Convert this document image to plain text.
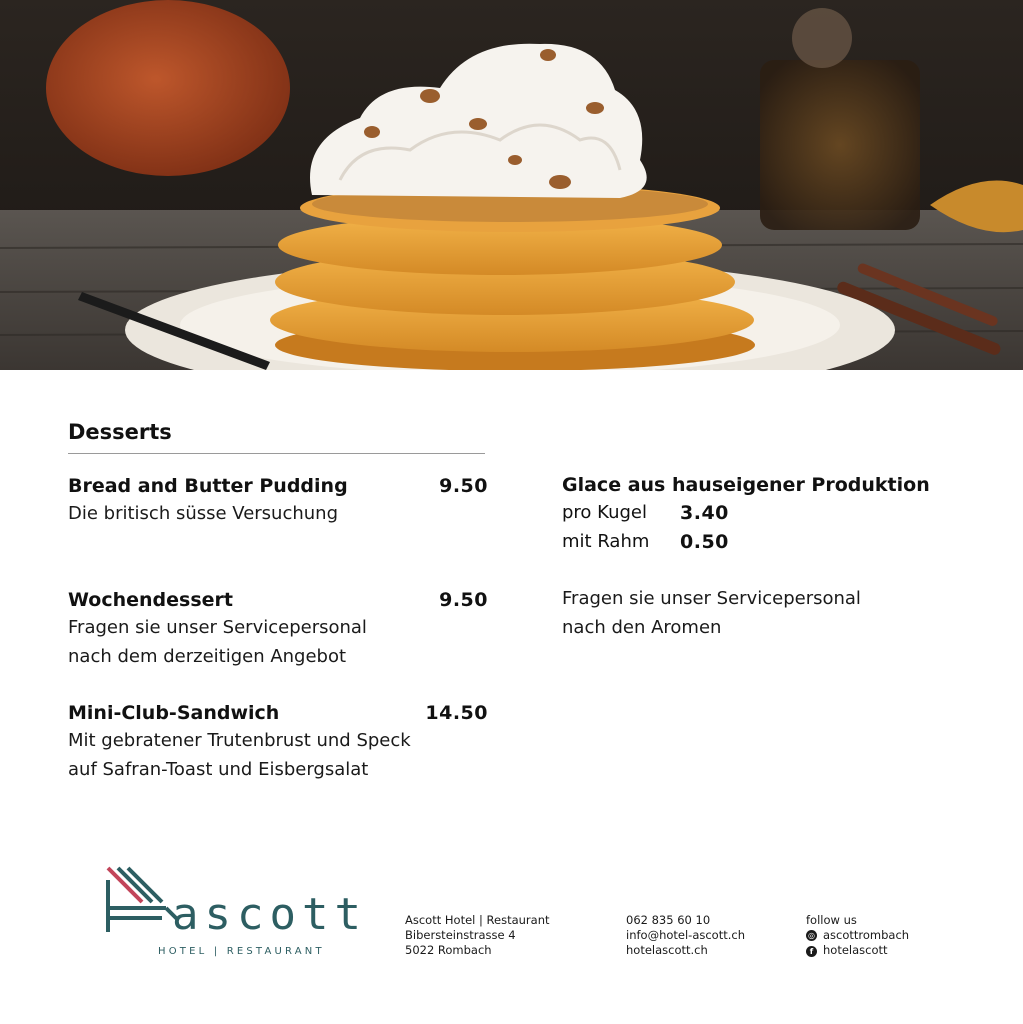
Desserts
Bread and Butter Pudding	9.50
Die britisch süsse Versuchung
Wochendessert	9.50
Fragen sie unser Servicepersonal
nach dem derzeitigen Angebot
Mini-Club-Sandwich	14.50
Mit gebratener Trutenbrust und Speck
auf Safran-Toast und Eisbergsalat
Glace aus hauseigener Produktion
pro Kugel	3.40
mit Rahm	0.50
Fragen sie unser Servicepersonal
nach den Aromen
ascott
HOTEL | RESTAURANT
Ascott Hotel | Restaurant
Bibersteinstrasse 4
5022 Rombach
062 835 60 10
info@hotel-ascott.ch
hotelascott.ch
follow us
◎ ascottrombach
f hotelascott
